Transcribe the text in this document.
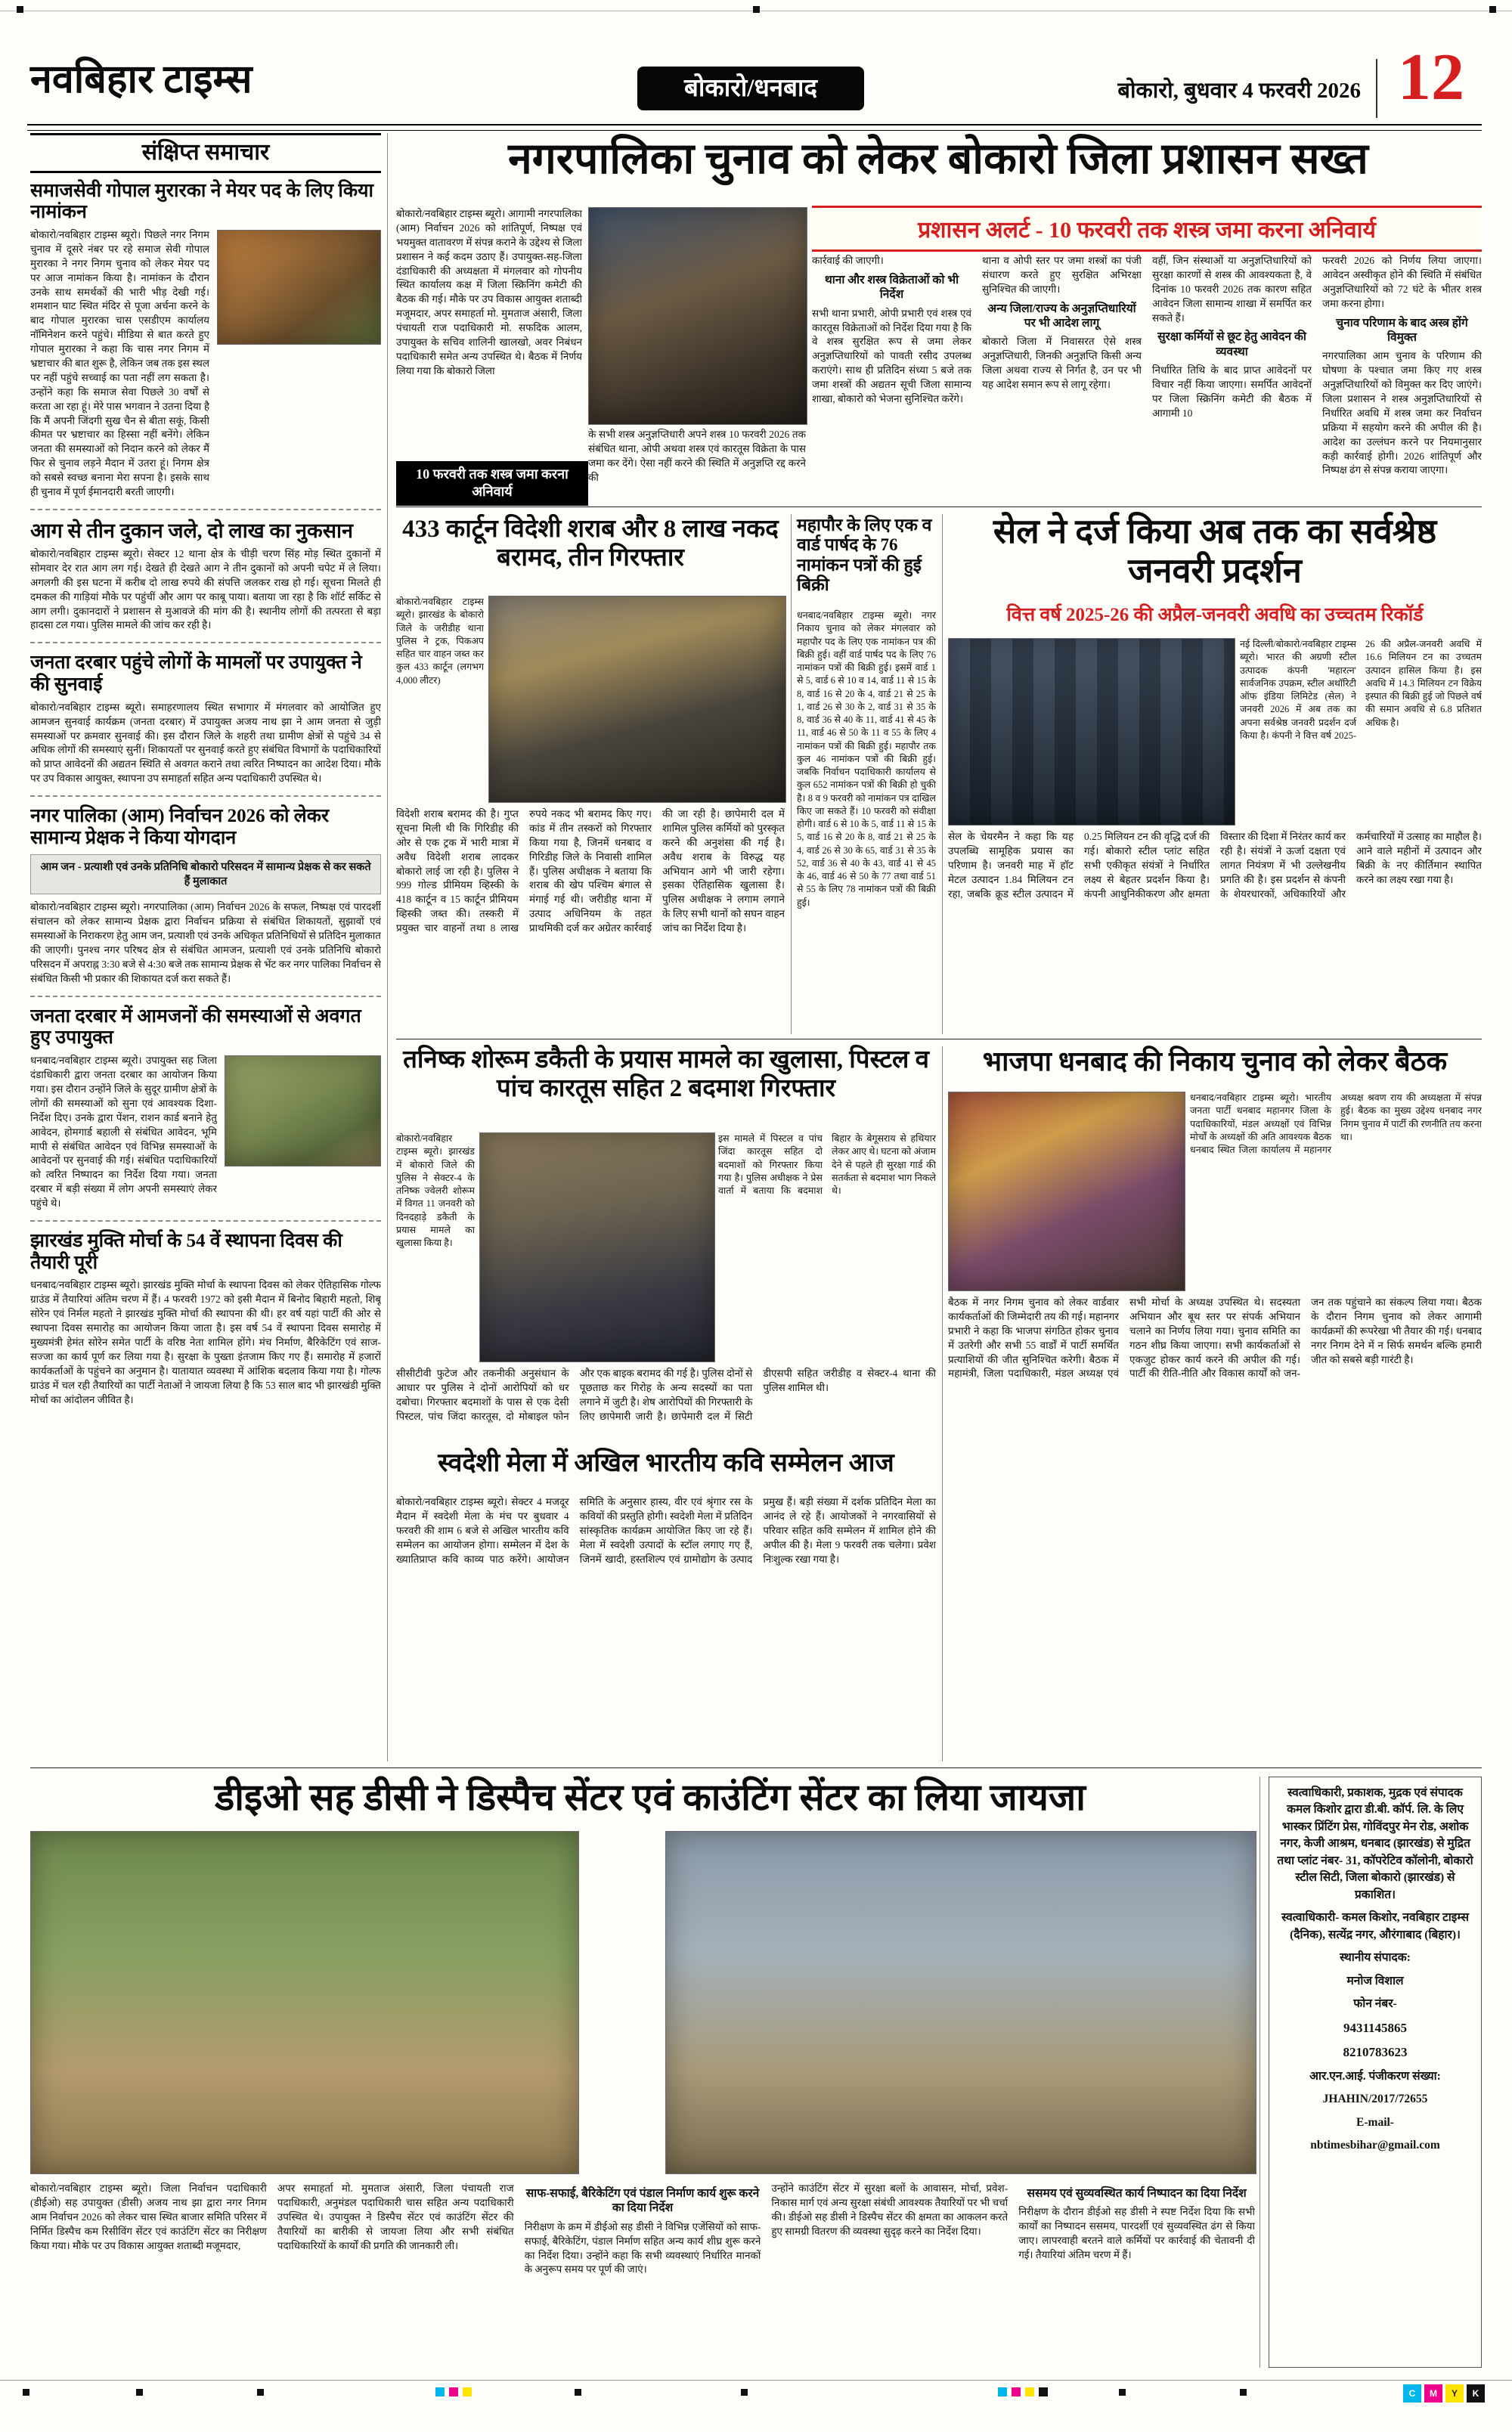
नवबिहार टाइम्स	बोकारो/धनबाद	बोकारो, बुधवार 4 फरवरी 2026 12
संक्षिप्त समाचार
समाजसेवी गोपाल मुरारका ने मेयर पद के लिए किया नामांकन
बोकारो/नवबिहार टाइम्स ब्यूरो। पिछले नगर निगम चुनाव में दूसरे नंबर पर रहे समाज सेवी गोपाल मुरारका ने नगर निगम चुनाव को लेकर मेयर पद पर आज नामांकन किया है। नामांकन के दौरान उनके साथ समर्थकों की भारी भीड़ देखी गई। शमशान घाट स्थित मंदिर से पूजा अर्चना करने के बाद गोपाल मुरारका चास एसडीएम कार्यालय नॉमिनेशन करने पहुंचे। मीडिया से बात करते हुए गोपाल मुरारका ने कहा कि चास नगर निगम में भ्रष्टाचार की बात शुरू है, लेकिन जब तक इस स्थल पर नहीं पहुंचे सच्चाई का पता नहीं लग सकता है। उन्होंने कहा कि समाज सेवा पिछले 30 वर्षों से करता आ रहा हूं। मेरे पास भगवान ने उतना दिया है कि मैं अपनी जिंदगी सुख चैन से बीता सकूं, किसी कीमत पर भ्रष्टाचार का हिस्सा नहीं बनेंगे। लेकिन जनता की समस्याओं को निदान करने को लेकर मैं फिर से चुनाव लड़ने मैदान में उतरा हूं। निगम क्षेत्र को सबसे स्वच्छ बनाना मेरा सपना है। इसके साथ ही चुनाव में पूर्ण ईमानदारी बरती जाएगी।
आग से तीन दुकान जले, दो लाख का नुकसान
बोकारो/नवबिहार टाइम्स ब्यूरो। सेक्टर 12 थाना क्षेत्र के चीड़ी चरण सिंह मोड़ स्थित दुकानों में सोमवार देर रात आग लग गई। देखते ही देखते आग ने तीन दुकानों को अपनी चपेट में ले लिया। अगलगी की इस घटना में करीब दो लाख रुपये की संपत्ति जलकर राख हो गई। सूचना मिलते ही दमकल की गाड़ियां मौके पर पहुंचीं और आग पर काबू पाया। बताया जा रहा है कि शॉर्ट सर्किट से आग लगी। दुकानदारों ने प्रशासन से मुआवजे की मांग की है। स्थानीय लोगों की तत्परता से बड़ा हादसा टल गया। पुलिस मामले की जांच कर रही है।
जनता दरबार पहुंचे लोगों के मामलों पर उपायुक्त ने की सुनवाई
बोकारो/नवबिहार टाइम्स ब्यूरो। समाहरणालय स्थित सभागार में मंगलवार को आयोजित हुए आमजन सुनवाई कार्यक्रम (जनता दरबार) में उपायुक्त अजय नाथ झा ने आम जनता से जुड़ी समस्याओं पर क्रमवार सुनवाई की। इस दौरान जिले के शहरी तथा ग्रामीण क्षेत्रों से पहुंचे 34 से अधिक लोगों की समस्याएं सुनीं। शिकायतों पर सुनवाई करते हुए संबंधित विभागों के पदाधिकारियों को प्राप्त आवेदनों की अद्यतन स्थिति से अवगत कराने तथा त्वरित निष्पादन का आदेश दिया। मौके पर उप विकास आयुक्त, स्थापना उप समाहर्ता सहित अन्य पदाधिकारी उपस्थित थे।
नगर पालिका (आम) निर्वाचन 2026 को लेकर सामान्य प्रेक्षक ने किया योगदान
आम जन - प्रत्याशी एवं उनके प्रतिनिधि बोकारो परिसदन में सामान्य प्रेक्षक से कर सकते हैं मुलाकात
बोकारो/नवबिहार टाइम्स ब्यूरो। नगरपालिका (आम) निर्वाचन 2026 के सफल, निष्पक्ष एवं पारदर्शी संचालन को लेकर सामान्य प्रेक्षक द्वारा निर्वाचन प्रक्रिया से संबंधित शिकायतों, सुझावों एवं समस्याओं के निराकरण हेतु आम जन, प्रत्याशी एवं उनके अधिकृत प्रतिनिधियों से प्रतिदिन मुलाकात की जाएगी। पुनश्च नगर परिषद क्षेत्र से संबंधित आमजन, प्रत्याशी एवं उनके प्रतिनिधि बोकारो परिसदन में अपराह्न 3:30 बजे से 4:30 बजे तक सामान्य प्रेक्षक से भेंट कर नगर पालिका निर्वाचन से संबंधित किसी भी प्रकार की शिकायत दर्ज करा सकते हैं।
जनता दरबार में आमजनों की समस्याओं से अवगत हुए उपायुक्त
धनबाद/नवबिहार टाइम्स ब्यूरो। उपायुक्त सह जिला दंडाधिकारी द्वारा जनता दरबार का आयोजन किया गया। इस दौरान उन्होंने जिले के सुदूर ग्रामीण क्षेत्रों के लोगों की समस्याओं को सुना एवं आवश्यक दिशा-निर्देश दिए। उनके द्वारा पेंशन, राशन कार्ड बनाने हेतु आवेदन, होमगार्ड बहाली से संबंधित आवेदन, भूमि मापी से संबंधित आवेदन एवं विभिन्न समस्याओं के आवेदनों पर सुनवाई की गई। संबंधित पदाधिकारियों को त्वरित निष्पादन का निर्देश दिया गया। जनता दरबार में बड़ी संख्या में लोग अपनी समस्याएं लेकर पहुंचे थे।
झारखंड मुक्ति मोर्चा के 54 वें स्थापना दिवस की तैयारी पूरी
धनबाद/नवबिहार टाइम्स ब्यूरो। झारखंड मुक्ति मोर्चा के स्थापना दिवस को लेकर ऐतिहासिक गोल्फ ग्राउंड में तैयारियां अंतिम चरण में हैं। 4 फरवरी 1972 को इसी मैदान में बिनोद बिहारी महतो, शिबू सोरेन एवं निर्मल महतो ने झारखंड मुक्ति मोर्चा की स्थापना की थी। हर वर्ष यहां पार्टी की ओर से स्थापना दिवस समारोह का आयोजन किया जाता है। इस वर्ष 54 वें स्थापना दिवस समारोह में मुख्यमंत्री हेमंत सोरेन समेत पार्टी के वरिष्ठ नेता शामिल होंगे। मंच निर्माण, बैरिकेटिंग एवं साज-सज्जा का कार्य पूर्ण कर लिया गया है। सुरक्षा के पुख्ता इंतजाम किए गए हैं। समारोह में हजारों कार्यकर्ताओं के पहुंचने का अनुमान है। यातायात व्यवस्था में आंशिक बदलाव किया गया है। गोल्फ ग्राउंड में चल रही तैयारियों का पार्टी नेताओं ने जायजा लिया है कि 53 साल बाद भी झारखंडी मुक्ति मोर्चा का आंदोलन जीवित है।
नगरपालिका चुनाव को लेकर बोकारो जिला प्रशासन सख्त
बोकारो/नवबिहार टाइम्स ब्यूरो। आगामी नगरपालिका (आम) निर्वाचन 2026 को शांतिपूर्ण, निष्पक्ष एवं भयमुक्त वातावरण में संपन्न कराने के उद्देश्य से जिला प्रशासन ने कई कदम उठाए हैं। उपायुक्त-सह-जिला दंडाधिकारी की अध्यक्षता में मंगलवार को गोपनीय स्थित कार्यालय कक्ष में जिला स्क्रिनिंग कमेटी की बैठक की गई। मौके पर उप विकास आयुक्त शताब्दी मजूमदार, अपर समाहर्ता मो. मुमताज अंसारी, जिला पंचायती राज पदाधिकारी मो. सफदिक आलम, उपायुक्त के सचिव शालिनी खालखो, अवर निबंधन पदाधिकारी समेत अन्य उपस्थित थे। बैठक में निर्णय लिया गया कि बोकारो जिला
10 फरवरी तक शस्त्र जमा करना अनिवार्य
के सभी शस्त्र अनुज्ञप्तिधारी अपने शस्त्र 10 फरवरी 2026 तक संबंधित थाना, ओपी अथवा शस्त्र एवं कारतूस विक्रेता के पास जमा कर देंगे। ऐसा नहीं करने की स्थिति में अनुज्ञप्ति रद्द करने की
प्रशासन अलर्ट - 10 फरवरी तक शस्त्र जमा करना अनिवार्य

कार्रवाई की जाएगी।

थाना और शस्त्र विक्रेताओं को भी निर्देश

सभी थाना प्रभारी, ओपी प्रभारी एवं शस्त्र एवं कारतूस विक्रेताओं को निर्देश दिया गया है कि वे शस्त्र सुरक्षित रूप से जमा लेकर अनुज्ञप्तिधारियों को पावती रसीद उपलब्ध कराएंगे। साथ ही प्रतिदिन संध्या 5 बजे तक जमा शस्त्रों की अद्यतन सूची जिला सामान्य शाखा, बोकारो को भेजना सुनिश्चित करेंगे।

थाना व ओपी स्तर पर जमा शस्त्रों का पंजी संधारण करते हुए सुरक्षित अभिरक्षा सुनिश्चित की जाएगी।

अन्य जिला/राज्य के अनुज्ञप्तिधारियों पर भी आदेश लागू

बोकारो जिला में निवासरत ऐसे शस्त्र अनुज्ञप्तिधारी, जिनकी अनुज्ञप्ति किसी अन्य जिला अथवा राज्य से निर्गत है, उन पर भी यह आदेश समान रूप से लागू रहेगा।

वहीं, जिन संस्थाओं या अनुज्ञप्तिधारियों को सुरक्षा कारणों से शस्त्र की आवश्यकता है, वे दिनांक 10 फरवरी 2026 तक कारण सहित आवेदन जिला सामान्य शाखा में समर्पित कर सकते हैं।

सुरक्षा कर्मियों से छूट हेतु आवेदन की व्यवस्था

निर्धारित तिथि के बाद प्राप्त आवेदनों पर विचार नहीं किया जाएगा। समर्पित आवेदनों पर जिला स्क्रिनिंग कमेटी की बैठक में आगामी 10

फरवरी 2026 को निर्णय लिया जाएगा। आवेदन अस्वीकृत होने की स्थिति में संबंधित अनुज्ञप्तिधारियों को 72 घंटे के भीतर शस्त्र जमा करना होगा।

चुनाव परिणाम के बाद अस्त्र होंगे विमुक्त

नगरपालिका आम चुनाव के परिणाम की घोषणा के पश्चात जमा किए गए शस्त्र अनुज्ञप्तिधारियों को विमुक्त कर दिए जाएंगे। जिला प्रशासन ने शस्त्र अनुज्ञप्तिधारियों से निर्धारित अवधि में शस्त्र जमा कर निर्वाचन प्रक्रिया में सहयोग करने की अपील की है। आदेश का उल्लंघन करने पर नियमानुसार कड़ी कार्रवाई होगी। 2026 शांतिपूर्ण और निष्पक्ष ढंग से संपन्न कराया जाएगा।

433 कार्टून विदेशी शराब और 8 लाख नकद बरामद, तीन गिरफ्तार
बोकारो/नवबिहार टाइम्स ब्यूरो। झारखंड के बोकारो जिले के जरीडीह थाना पुलिस ने ट्रक, पिकअप सहित चार वाहन जब्त कर कुल 433 कार्टून (लगभग 4,000 लीटर)
विदेशी शराब बरामद की है। गुप्त सूचना मिली थी कि गिरिडीह की ओर से एक ट्रक में भारी मात्रा में अवैध विदेशी शराब लादकर बोकारो लाई जा रही है। पुलिस ने 999 गोल्ड प्रीमियम व्हिस्की के 418 कार्टून व 15 कार्टून प्रीमियम व्हिस्की जब्त की। तस्करी में प्रयुक्त चार वाहनों तथा 8 लाख रुपये नकद भी बरामद किए गए। कांड में तीन तस्करों को गिरफ्तार किया गया है, जिनमें धनबाद व गिरिडीह जिले के निवासी शामिल हैं। पुलिस अधीक्षक ने बताया कि शराब की खेप पश्चिम बंगाल से मंगाई गई थी। जरीडीह थाना में उत्पाद अधिनियम के तहत प्राथमिकी दर्ज कर अग्रेतर कार्रवाई की जा रही है। छापेमारी दल में शामिल पुलिस कर्मियों को पुरस्कृत करने की अनुशंसा की गई है। अवैध शराब के विरुद्ध यह अभियान आगे भी जारी रहेगा। इसका ऐतिहासिक खुलासा है। पुलिस अधीक्षक ने लगाम लगाने के लिए सभी थानों को सघन वाहन जांच का निर्देश दिया है।
महापौर के लिए एक व वार्ड पार्षद के 76 नामांकन पत्रों की हुई बिक्री
धनबाद/नवबिहार टाइम्स ब्यूरो। नगर निकाय चुनाव को लेकर मंगलवार को महापौर पद के लिए एक नामांकन पत्र की बिक्री हुई। वहीं वार्ड पार्षद पद के लिए 76 नामांकन पत्रों की बिक्री हुई। इसमें वार्ड 1 से 5, वार्ड 6 से 10 व 14, वार्ड 11 से 15 के 8, वार्ड 16 से 20 के 4, वार्ड 21 से 25 के 1, वार्ड 26 से 30 के 2, वार्ड 31 से 35 के 8, वार्ड 36 से 40 के 11, वार्ड 41 से 45 के 11, वार्ड 46 से 50 के 11 व 55 के लिए 4 नामांकन पत्रों की बिक्री हुई। महापौर तक कुल 46 नामांकन पत्रों की बिक्री हुई। जबकि निर्वाचन पदाधिकारी कार्यालय से कुल 652 नामांकन पत्रों की बिक्री हो चुकी है। 8 व 9 फरवरी को नामांकन पत्र दाखिल किए जा सकते हैं। 10 फरवरी को संवीक्षा होगी। वार्ड 6 से 10 के 5, वार्ड 11 से 15 के 5, वार्ड 16 से 20 के 8, वार्ड 21 से 25 के 4, वार्ड 26 से 30 के 65, वार्ड 31 से 35 के 52, वार्ड 36 से 40 के 43, वार्ड 41 से 45 के 46, वार्ड 46 से 50 के 77 तथा वार्ड 51 से 55 के लिए 78 नामांकन पत्रों की बिक्री हुई।
सेल ने दर्ज किया अब तक का सर्वश्रेष्ठ जनवरी प्रदर्शन
वित्त वर्ष 2025-26 की अप्रैल-जनवरी अवधि का उच्चतम रिकॉर्ड
नई दिल्ली/बोकारो/नवबिहार टाइम्स ब्यूरो। भारत की अग्रणी स्टील उत्पादक कंपनी 'महारत्न' सार्वजनिक उपक्रम, स्टील अथॉरिटी ऑफ इंडिया लिमिटेड (सेल) ने जनवरी 2026 में अब तक का अपना सर्वश्रेष्ठ जनवरी प्रदर्शन दर्ज किया है। कंपनी ने वित्त वर्ष 2025-26 की अप्रैल-जनवरी अवधि में 16.6 मिलियन टन का उच्चतम उत्पादन हासिल किया है। इस अवधि में 14.3 मिलियन टन विक्रेय इस्पात की बिक्री हुई जो पिछले वर्ष की समान अवधि से 6.8 प्रतिशत अधिक है।
सेल के चेयरमैन ने कहा कि यह उपलब्धि सामूहिक प्रयास का परिणाम है। जनवरी माह में हॉट मेटल उत्पादन 1.84 मिलियन टन रहा, जबकि क्रूड स्टील उत्पादन में 0.25 मिलियन टन की वृद्धि दर्ज की गई। बोकारो स्टील प्लांट सहित सभी एकीकृत संयंत्रों ने निर्धारित लक्ष्य से बेहतर प्रदर्शन किया है। कंपनी आधुनिकीकरण और क्षमता विस्तार की दिशा में निरंतर कार्य कर रही है। संयंत्रों ने ऊर्जा दक्षता एवं लागत नियंत्रण में भी उल्लेखनीय प्रगति की है। इस प्रदर्शन से कंपनी के शेयरधारकों, अधिकारियों और कर्मचारियों में उत्साह का माहौल है। आने वाले महीनों में उत्पादन और बिक्री के नए कीर्तिमान स्थापित करने का लक्ष्य रखा गया है।
तनिष्क शोरूम डकैती के प्रयास मामले का खुलासा, पिस्टल व पांच कारतूस सहित 2 बदमाश गिरफ्तार
बोकारो/नवबिहार टाइम्स ब्यूरो। झारखंड में बोकारो जिले की पुलिस ने सेक्टर-4 के तनिष्क ज्वेलरी शोरूम में विगत 11 जनवरी को दिनदहाड़े डकैती के प्रयास मामले का खुलासा किया है।
इस मामले में पिस्टल व पांच जिंदा कारतूस सहित दो बदमाशों को गिरफ्तार किया गया है। पुलिस अधीक्षक ने प्रेस वार्ता में बताया कि बदमाश बिहार के बेगूसराय से हथियार लेकर आए थे। घटना को अंजाम देने से पहले ही सुरक्षा गार्ड की सतर्कता से बदमाश भाग निकले थे।
सीसीटीवी फुटेज और तकनीकी अनुसंधान के आधार पर पुलिस ने दोनों आरोपियों को धर दबोचा। गिरफ्तार बदमाशों के पास से एक देसी पिस्टल, पांच जिंदा कारतूस, दो मोबाइल फोन और एक बाइक बरामद की गई है। पुलिस दोनों से पूछताछ कर गिरोह के अन्य सदस्यों का पता लगाने में जुटी है। शेष आरोपियों की गिरफ्तारी के लिए छापेमारी जारी है। छापेमारी दल में सिटी डीएसपी सहित जरीडीह व सेक्टर-4 थाना की पुलिस शामिल थी।
स्वदेशी मेला में अखिल भारतीय कवि सम्मेलन आज
बोकारो/नवबिहार टाइम्स ब्यूरो। सेक्टर 4 मजदूर मैदान में स्वदेशी मेला के मंच पर बुधवार 4 फरवरी की शाम 6 बजे से अखिल भारतीय कवि सम्मेलन का आयोजन होगा। सम्मेलन में देश के ख्यातिप्राप्त कवि काव्य पाठ करेंगे। आयोजन समिति के अनुसार हास्य, वीर एवं श्रृंगार रस के कवियों की प्रस्तुति होगी। स्वदेशी मेला में प्रतिदिन सांस्कृतिक कार्यक्रम आयोजित किए जा रहे हैं। मेला में स्वदेशी उत्पादों के स्टॉल लगाए गए हैं, जिनमें खादी, हस्तशिल्प एवं ग्रामोद्योग के उत्पाद प्रमुख हैं। बड़ी संख्या में दर्शक प्रतिदिन मेला का आनंद ले रहे हैं। आयोजकों ने नगरवासियों से परिवार सहित कवि सम्मेलन में शामिल होने की अपील की है। मेला 9 फरवरी तक चलेगा। प्रवेश निःशुल्क रखा गया है।
भाजपा धनबाद की निकाय चुनाव को लेकर बैठक
धनबाद/नवबिहार टाइम्स ब्यूरो। भारतीय जनता पार्टी धनबाद महानगर जिला के पदाधिकारियों, मंडल अध्यक्षों एवं विभिन्न मोर्चों के अध्यक्षों की अति आवश्यक बैठक धनबाद स्थित जिला कार्यालय में महानगर अध्यक्ष श्रवण राय की अध्यक्षता में संपन्न हुई। बैठक का मुख्य उद्देश्य धनबाद नगर निगम चुनाव में पार्टी की रणनीति तय करना था।
बैठक में नगर निगम चुनाव को लेकर वार्डवार कार्यकर्ताओं की जिम्मेदारी तय की गई। महानगर प्रभारी ने कहा कि भाजपा संगठित होकर चुनाव में उतरेगी और सभी 55 वार्डों में पार्टी समर्थित प्रत्याशियों की जीत सुनिश्चित करेगी। बैठक में महामंत्री, जिला पदाधिकारी, मंडल अध्यक्ष एवं सभी मोर्चा के अध्यक्ष उपस्थित थे। सदस्यता अभियान और बूथ स्तर पर संपर्क अभियान चलाने का निर्णय लिया गया। चुनाव समिति का गठन शीघ्र किया जाएगा। सभी कार्यकर्ताओं से एकजुट होकर कार्य करने की अपील की गई। पार्टी की रीति-नीति और विकास कार्यों को जन-जन तक पहुंचाने का संकल्प लिया गया। बैठक के दौरान निगम चुनाव को लेकर आगामी कार्यक्रमों की रूपरेखा भी तैयार की गई। धनबाद नगर निगम देने में न सिर्फ समर्थन बल्कि हमारी जीत को सबसे बड़ी गारंटी है।
डीइओ सह डीसी ने डिस्पैच सेंटर एवं काउंटिंग सेंटर का लिया जायजा

बोकारो/नवबिहार टाइम्स ब्यूरो। जिला निर्वाचन पदाधिकारी (डीईओ) सह उपायुक्त (डीसी) अजय नाथ झा द्वारा नगर निगम आम निर्वाचन 2026 को लेकर चास स्थित बाजार समिति परिसर में निर्मित डिस्पैच कम रिसीविंग सेंटर एवं काउंटिंग सेंटर का निरीक्षण किया गया। मौके पर उप विकास आयुक्त शताब्दी मजूमदार,

अपर समाहर्ता मो. मुमताज अंसारी, जिला पंचायती राज पदाधिकारी, अनुमंडल पदाधिकारी चास सहित अन्य पदाधिकारी उपस्थित थे। उपायुक्त ने डिस्पैच सेंटर एवं काउंटिंग सेंटर की तैयारियों का बारीकी से जायजा लिया और सभी संबंधित पदाधिकारियों के कार्यों की प्रगति की जानकारी ली।

साफ-सफाई, बैरिकेटिंग एवं पंडाल निर्माण कार्य शुरू करने का दिया निर्देश

निरीक्षण के क्रम में डीईओ सह डीसी ने विभिन्न एजेंसियों को साफ-सफाई, बैरिकेटिंग, पंडाल निर्माण सहित अन्य कार्य शीघ्र शुरू करने का निर्देश दिया। उन्होंने कहा कि सभी व्यवस्थाएं निर्धारित मानकों के अनुरूप समय पर पूर्ण की जाएं।

उन्होंने काउंटिंग सेंटर में सुरक्षा बलों के आवासन, मोर्चा, प्रवेश-निकास मार्ग एवं अन्य सुरक्षा संबंधी आवश्यक तैयारियों पर भी चर्चा की। डीईओ सह डीसी ने डिस्पैच सेंटर की क्षमता का आकलन करते हुए सामग्री वितरण की व्यवस्था सुदृढ़ करने का निर्देश दिया।

ससमय एवं सुव्यवस्थित कार्य निष्पादन का दिया निर्देश

निरीक्षण के दौरान डीईओ सह डीसी ने स्पष्ट निर्देश दिया कि सभी कार्यों का निष्पादन ससमय, पारदर्शी एवं सुव्यवस्थित ढंग से किया जाए। लापरवाही बरतने वाले कर्मियों पर कार्रवाई की चेतावनी दी गई। तैयारियां अंतिम चरण में हैं।

स्वत्वाधिकारी, प्रकाशक, मुद्रक एवं संपादक कमल किशोर द्वारा डी.बी. कॉर्प. लि. के लिए भास्कर प्रिंटिंग प्रेस, गोविंदपुर मेन रोड, अशोक नगर, केजी आश्रम, धनबाद (झारखंड) से मुद्रित तथा प्लांट नंबर- 31, कॉपरेटिव कॉलोनी, बोकारो स्टील सिटी, जिला बोकारो (झारखंड) से प्रकाशित।

स्वत्वाधिकारी- कमल किशोर, नवबिहार टाइम्स (दैनिक), सत्येंद्र नगर, औरंगाबाद (बिहार)।

स्थानीय संपादक:

मनोज विशाल

फोन नंबर-

9431145865

8210783623

आर.एन.आई. पंजीकरण संख्या:

JHAHIN/2017/72655

E-mail-

nbtimesbihar@gmail.com

C	M	Y	K
